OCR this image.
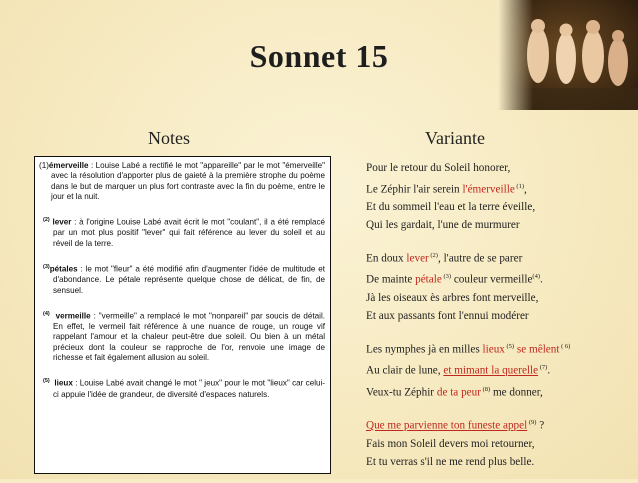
Sonnet 15
Notes	Variante
(1)émerveille : Louise Labé a rectifié le mot "appareille" par le mot "émerveille" avec la résolution d'apporter plus de gaieté à la première strophe du poème dans le but de marquer un plus fort contraste avec la fin du poème, entre le jour et la nuit.
$^{(2)}$ lever : à l'origine Louise Labé avait écrit le mot "coulant", il a été remplacé par un mot plus positif "lever" qui fait référence au lever du soleil et au réveil de la terre.
$^{(3)}$pétales : le mot "fleur" a été modifié afin d'augmenter l'idée de multitude et d'abondance. Le pétale représente quelque chose de délicat, de fin, de sensuel.
$^{(4)}$ vermeille : "vermeille" a remplacé le mot "nonpareil" par soucis de détail. En effet, le vermeil fait référence à une nuance de rouge, un rouge vif rappelant l'amour et la chaleur peut-être due soleil. Ou bien à un métal précieux dont la couleur se rapproche de l'or, renvoie une image de richesse et fait également allusion au soleil.
$^{(5)}$ lieux : Louise Labé avait changé le mot " jeux" pour le mot "lieux" car celui-ci appuie l'idée de grandeur, de diversité d'espaces naturels.
Pour le retour du Soleil honorer,
Le Zéphir l'air serein l'émerveille $^{(1)}$,
Et du sommeil l'eau et la terre éveille,
Qui les gardait, l'une de murmurer
En doux lever $^{(2)}$, l'autre de se parer
De mainte pétale $^{(3)}$ couleur vermeille$^{(4)}$.
Jà les oiseaux ès arbres font merveille,
Et aux passants font l'ennui modérer
Les nymphes jà en milles lieux $^{(5)}$ se mêlent $^{( 6)}$
Au clair de lune, et mimant la querelle $^{(7)}$.
Veux-tu Zéphir de ta peur $^{(8)}$ me donner,
Que me parvienne ton funeste appel $^{(9)}$ ?
Fais mon Soleil devers moi retourner,
Et tu verras s'il ne me rend plus belle.
